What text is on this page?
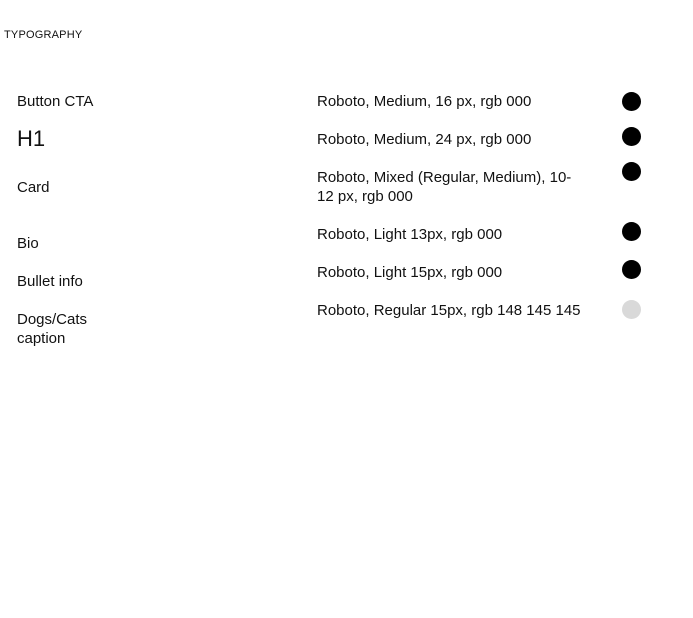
TYPOGRAPHY
Button CTA	Roboto, Medium, 16 px, rgb 000
H1	Roboto, Medium, 24 px, rgb 000
Card
Roboto, Mixed (Regular, Medium), 10-12 px, rgb 000
Bio
Roboto, Light 13px, rgb 000
Bullet info
Roboto, Light 15px, rgb 000
Dogs/Cats caption
Roboto, Regular 15px, rgb 148 145 145
